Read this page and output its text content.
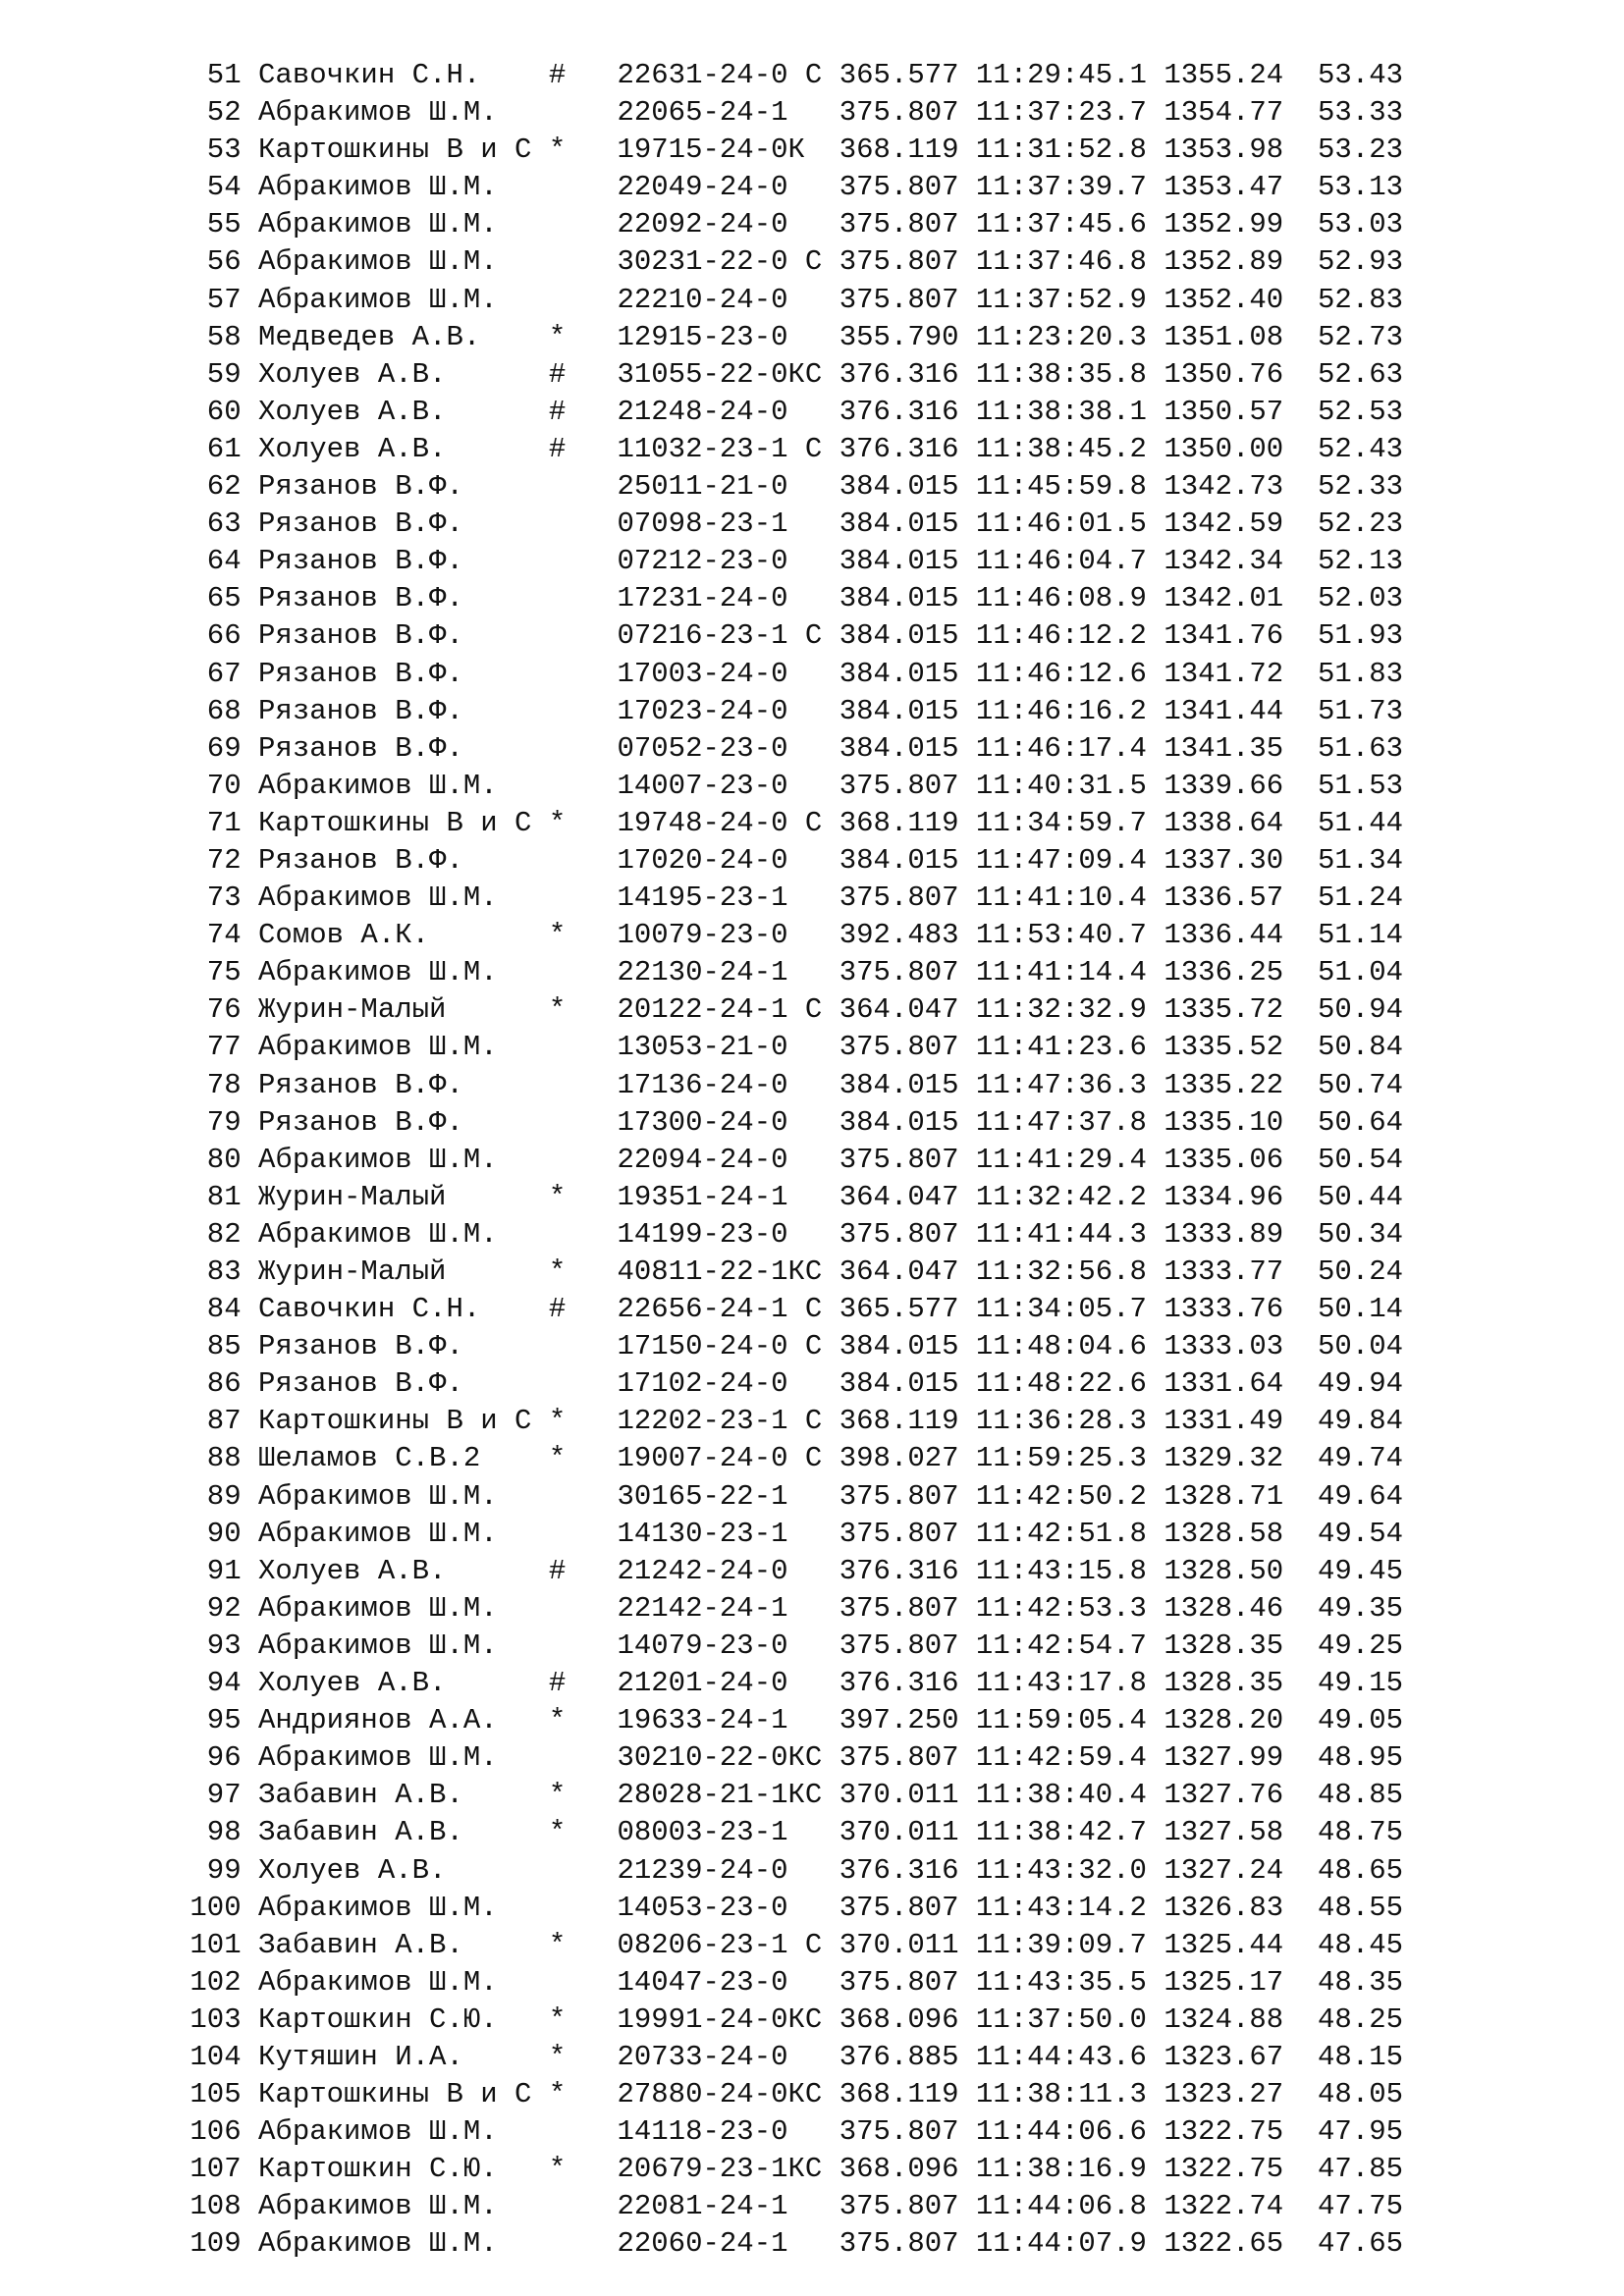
51 Савочкин С.Н.    #   22631-24-0 С 365.577 11:29:45.1 1355.24  53.43
52 Абракимов Ш.М.       22065-24-1   375.807 11:37:23.7 1354.77  53.33
53 Картошкины В и С *   19715-24-0К  368.119 11:31:52.8 1353.98  53.23
54 Абракимов Ш.М.       22049-24-0   375.807 11:37:39.7 1353.47  53.13
55 Абракимов Ш.М.       22092-24-0   375.807 11:37:45.6 1352.99  53.03
56 Абракимов Ш.М.       30231-22-0 С 375.807 11:37:46.8 1352.89  52.93
57 Абракимов Ш.М.       22210-24-0   375.807 11:37:52.9 1352.40  52.83
58 Медведев А.В.    *   12915-23-0   355.790 11:23:20.3 1351.08  52.73
59 Холуев А.В.      #   31055-22-0КС 376.316 11:38:35.8 1350.76  52.63
60 Холуев А.В.      #   21248-24-0   376.316 11:38:38.1 1350.57  52.53
61 Холуев А.В.      #   11032-23-1 С 376.316 11:38:45.2 1350.00  52.43
62 Рязанов В.Ф.         25011-21-0   384.015 11:45:59.8 1342.73  52.33
63 Рязанов В.Ф.         07098-23-1   384.015 11:46:01.5 1342.59  52.23
64 Рязанов В.Ф.         07212-23-0   384.015 11:46:04.7 1342.34  52.13
65 Рязанов В.Ф.         17231-24-0   384.015 11:46:08.9 1342.01  52.03
66 Рязанов В.Ф.         07216-23-1 С 384.015 11:46:12.2 1341.76  51.93
67 Рязанов В.Ф.         17003-24-0   384.015 11:46:12.6 1341.72  51.83
68 Рязанов В.Ф.         17023-24-0   384.015 11:46:16.2 1341.44  51.73
69 Рязанов В.Ф.         07052-23-0   384.015 11:46:17.4 1341.35  51.63
70 Абракимов Ш.М.       14007-23-0   375.807 11:40:31.5 1339.66  51.53
71 Картошкины В и С *   19748-24-0 С 368.119 11:34:59.7 1338.64  51.44
72 Рязанов В.Ф.         17020-24-0   384.015 11:47:09.4 1337.30  51.34
73 Абракимов Ш.М.       14195-23-1   375.807 11:41:10.4 1336.57  51.24
74 Сомов А.К.       *   10079-23-0   392.483 11:53:40.7 1336.44  51.14
75 Абракимов Ш.М.       22130-24-1   375.807 11:41:14.4 1336.25  51.04
76 Журин-Малый      *   20122-24-1 С 364.047 11:32:32.9 1335.72  50.94
77 Абракимов Ш.М.       13053-21-0   375.807 11:41:23.6 1335.52  50.84
78 Рязанов В.Ф.         17136-24-0   384.015 11:47:36.3 1335.22  50.74
79 Рязанов В.Ф.         17300-24-0   384.015 11:47:37.8 1335.10  50.64
80 Абракимов Ш.М.       22094-24-0   375.807 11:41:29.4 1335.06  50.54
81 Журин-Малый      *   19351-24-1   364.047 11:32:42.2 1334.96  50.44
82 Абракимов Ш.М.       14199-23-0   375.807 11:41:44.3 1333.89  50.34
83 Журин-Малый      *   40811-22-1КС 364.047 11:32:56.8 1333.77  50.24
84 Савочкин С.Н.    #   22656-24-1 С 365.577 11:34:05.7 1333.76  50.14
85 Рязанов В.Ф.         17150-24-0 С 384.015 11:48:04.6 1333.03  50.04
86 Рязанов В.Ф.         17102-24-0   384.015 11:48:22.6 1331.64  49.94
87 Картошкины В и С *   12202-23-1 С 368.119 11:36:28.3 1331.49  49.84
88 Шеламов С.В.2    *   19007-24-0 С 398.027 11:59:25.3 1329.32  49.74
89 Абракимов Ш.М.       30165-22-1   375.807 11:42:50.2 1328.71  49.64
90 Абракимов Ш.М.       14130-23-1   375.807 11:42:51.8 1328.58  49.54
91 Холуев А.В.      #   21242-24-0   376.316 11:43:15.8 1328.50  49.45
92 Абракимов Ш.М.       22142-24-1   375.807 11:42:53.3 1328.46  49.35
93 Абракимов Ш.М.       14079-23-0   375.807 11:42:54.7 1328.35  49.25
94 Холуев А.В.      #   21201-24-0   376.316 11:43:17.8 1328.35  49.15
95 Андриянов А.А.   *   19633-24-1   397.250 11:59:05.4 1328.20  49.05
96 Абракимов Ш.М.       30210-22-0КС 375.807 11:42:59.4 1327.99  48.95
97 Забавин А.В.     *   28028-21-1КС 370.011 11:38:40.4 1327.76  48.85
98 Забавин А.В.     *   08003-23-1   370.011 11:38:42.7 1327.58  48.75
99 Холуев А.В.          21239-24-0   376.316 11:43:32.0 1327.24  48.65
100 Абракимов Ш.М.       14053-23-0   375.807 11:43:14.2 1326.83  48.55
101 Забавин А.В.     *   08206-23-1 С 370.011 11:39:09.7 1325.44  48.45
102 Абракимов Ш.М.       14047-23-0   375.807 11:43:35.5 1325.17  48.35
103 Картошкин С.Ю.   *   19991-24-0КС 368.096 11:37:50.0 1324.88  48.25
104 Кутяшин И.А.     *   20733-24-0   376.885 11:44:43.6 1323.67  48.15
105 Картошкины В и С *   27880-24-0КС 368.119 11:38:11.3 1323.27  48.05
106 Абракимов Ш.М.       14118-23-0   375.807 11:44:06.6 1322.75  47.95
107 Картошкин С.Ю.   *   20679-23-1КС 368.096 11:38:16.9 1322.75  47.85
108 Абракимов Ш.М.       22081-24-1   375.807 11:44:06.8 1322.74  47.75
109 Абракимов Ш.М.       22060-24-1   375.807 11:44:07.9 1322.65  47.65
